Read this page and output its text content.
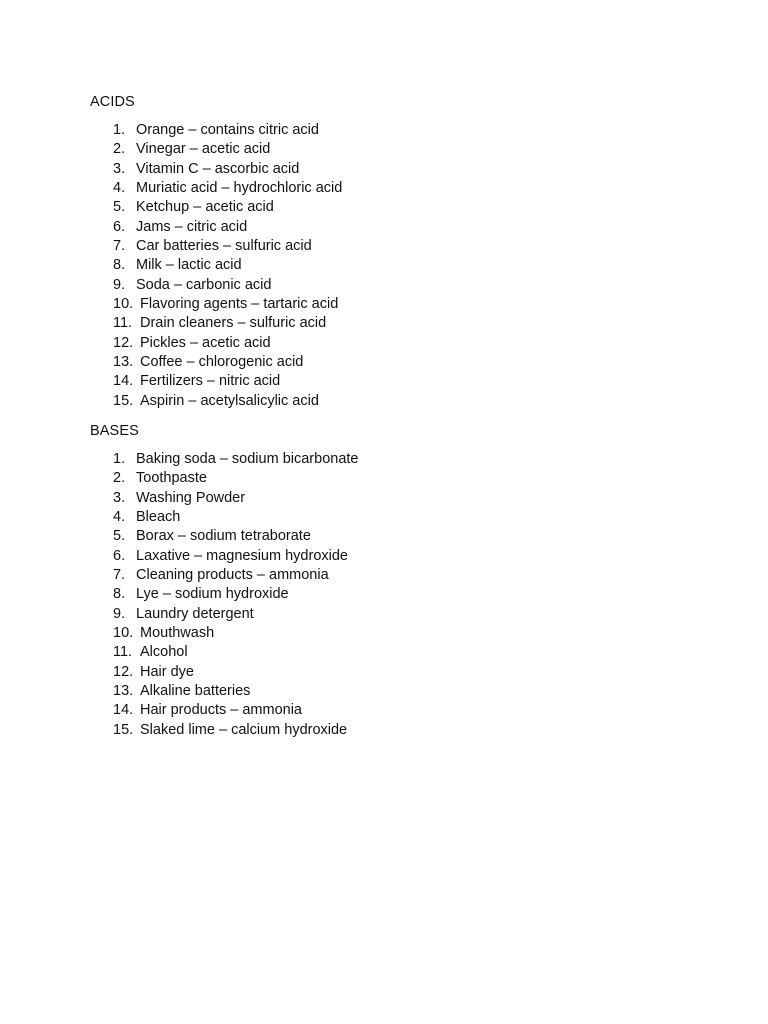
ACIDS
1. Orange – contains citric acid
2. Vinegar – acetic acid
3. Vitamin C – ascorbic acid
4. Muriatic acid – hydrochloric acid
5. Ketchup – acetic acid
6. Jams – citric acid
7. Car batteries – sulfuric acid
8. Milk – lactic acid
9. Soda – carbonic acid
10. Flavoring agents – tartaric acid
11. Drain cleaners – sulfuric acid
12. Pickles – acetic acid
13. Coffee – chlorogenic acid
14. Fertilizers – nitric acid
15. Aspirin – acetylsalicylic acid
BASES
1. Baking soda – sodium bicarbonate
2. Toothpaste
3. Washing Powder
4. Bleach
5. Borax – sodium tetraborate
6. Laxative – magnesium hydroxide
7. Cleaning products – ammonia
8. Lye – sodium hydroxide
9. Laundry detergent
10. Mouthwash
11. Alcohol
12. Hair dye
13. Alkaline batteries
14. Hair products – ammonia
15. Slaked lime – calcium hydroxide
